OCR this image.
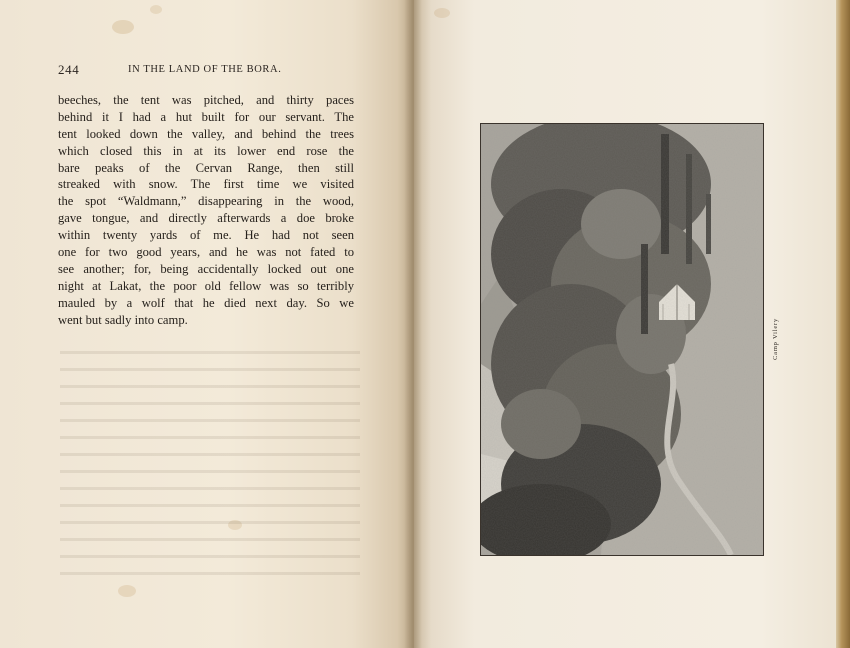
244	IN THE LAND OF THE BORA.
beeches, the tent was pitched, and thirty paces
behind it I had a hut built for our servant. The
tent looked down the valley, and behind the trees
which closed this in at its lower end rose the
bare peaks of the Cervan Range, then still
streaked with snow. The first time we visited
the spot “Waldmann,” disappearing in the wood,
gave tongue, and directly afterwards a doe broke
within twenty yards of me. He had not seen
one for two good years, and he was not fated to
see another; for, being accidentally locked out one
night at Lakat, the poor old fellow was so terribly
mauled by a wolf that he died next day. So we
went but sadly into camp.	Camp Vilery
